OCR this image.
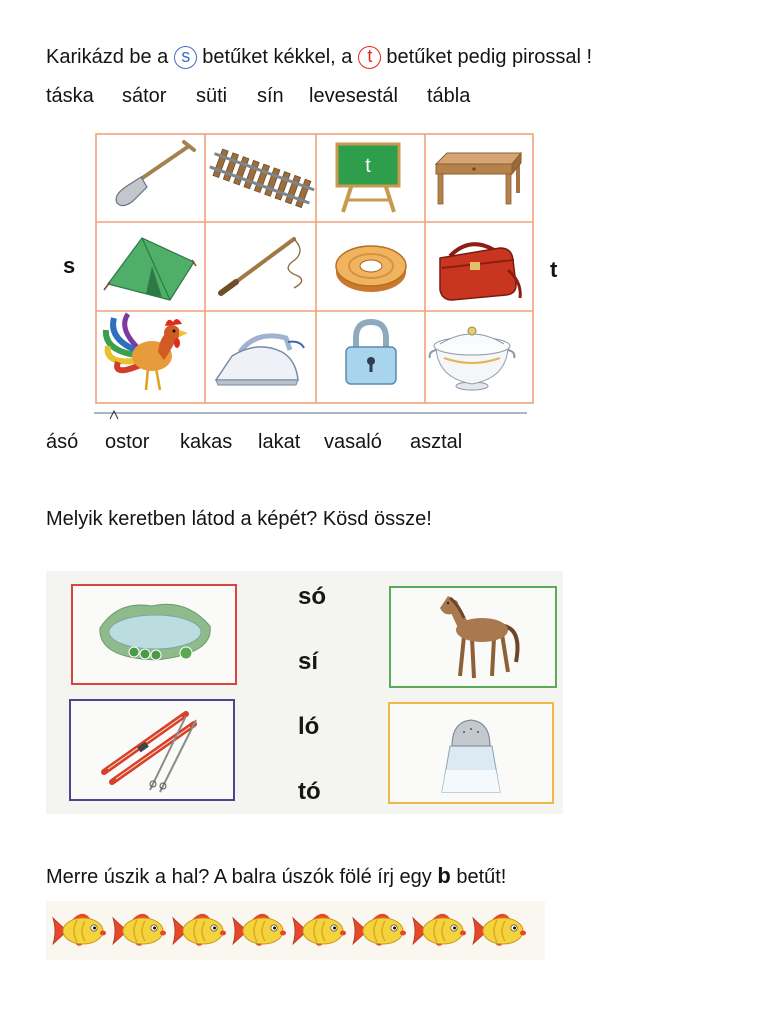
Karikázd be a s betűket kékkel, a t betűket pedig pirossal !
táska sátor süti sín levesestál tábla
t
s	t
ásó ostor kakas lakat vasaló asztal
Melyik keretben látod a képét? Kösd össze!
só
sí
ló
tó
Merre úszik a hal? A balra úszók fölé írj egy b betűt!
